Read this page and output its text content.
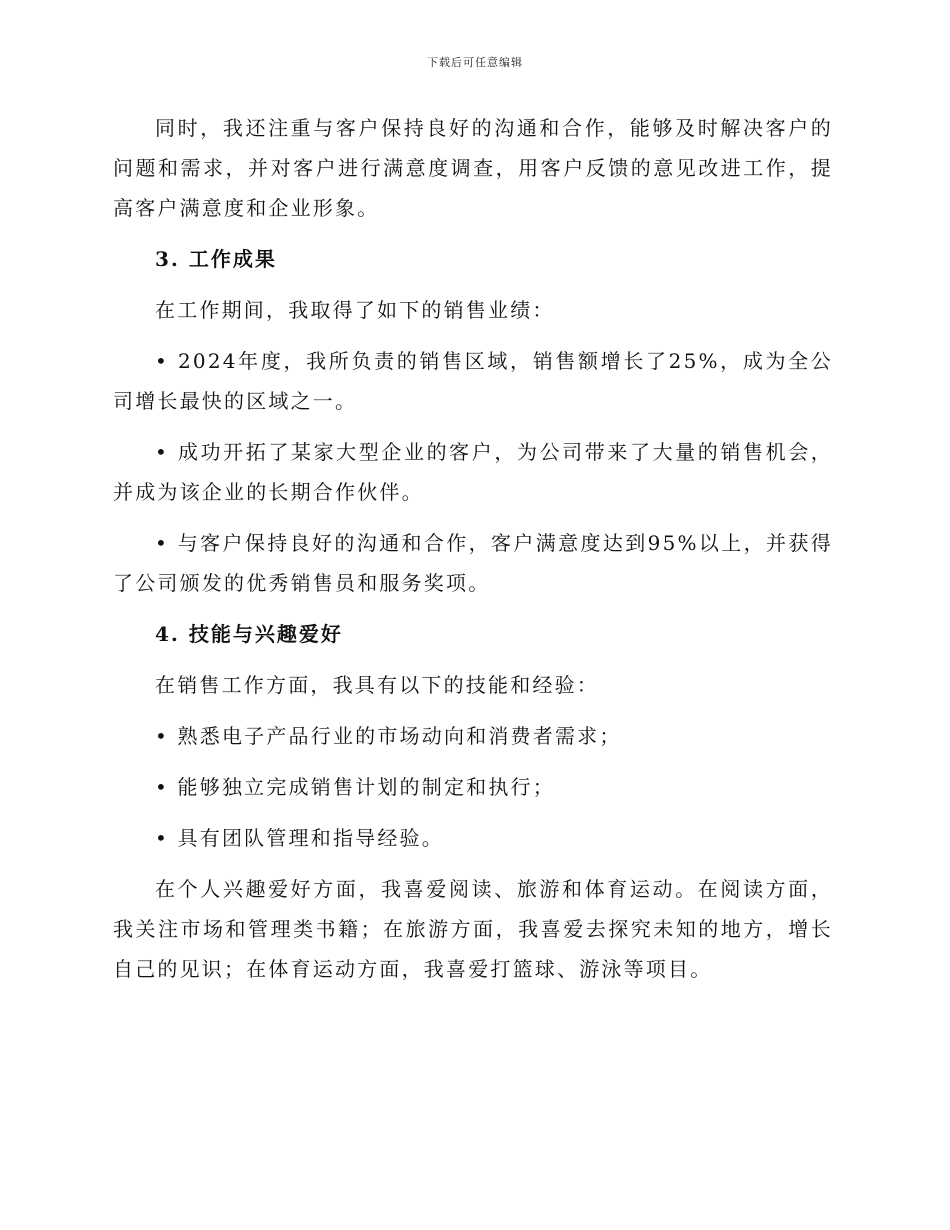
下载后可任意编辑

同时，我还注重与客户保持良好的沟通和合作，能够及时解决客户的问题和需求，并对客户进行满意度调查，用客户反馈的意见改进工作，提高客户满意度和企业形象。

3. 工作成果

在工作期间，我取得了如下的销售业绩：

• 2024年度，我所负责的销售区域，销售额增长了25%，成为全公司增长最快的区域之一。

• 成功开拓了某家大型企业的客户，为公司带来了大量的销售机会，并成为该企业的长期合作伙伴。

• 与客户保持良好的沟通和合作，客户满意度达到95%以上，并获得了公司颁发的优秀销售员和服务奖项。

4. 技能与兴趣爱好

在销售工作方面，我具有以下的技能和经验：

• 熟悉电子产品行业的市场动向和消费者需求；

• 能够独立完成销售计划的制定和执行；

• 具有团队管理和指导经验。

在个人兴趣爱好方面，我喜爱阅读、旅游和体育运动。在阅读方面，我关注市场和管理类书籍；在旅游方面，我喜爱去探究未知的地方，增长自己的见识；在体育运动方面，我喜爱打篮球、游泳等项目。
